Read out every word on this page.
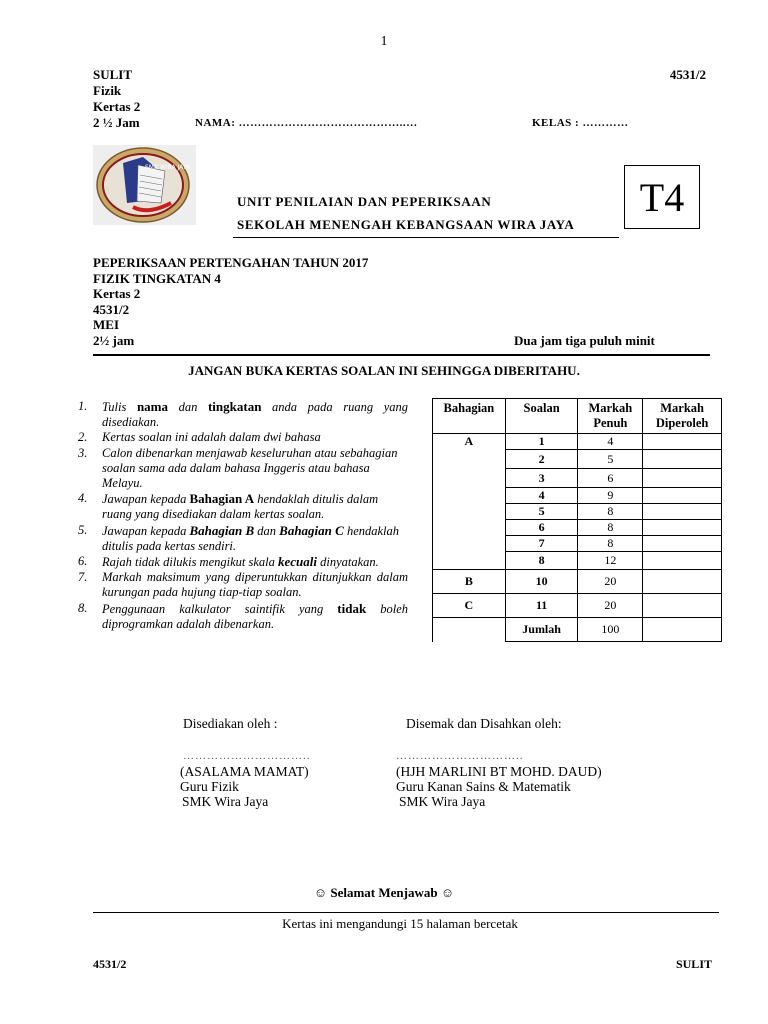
1
SULIT
Fizik
Kertas 2
2 ½ Jam
4531/2
NAMA: ……………………………………..…	KELAS : …………
SMK WIRA JAYA
UNIT PENILAIAN DAN PEPERIKSAAN
SEKOLAH MENENGAH KEBANGSAAN WIRA JAYA
T4
PEPERIKSAAN PERTENGAHAN TAHUN 2017
FIZIK TINGKATAN 4
Kertas 2
4531/2
MEI
2½ jam	Dua jam tiga puluh minit
JANGAN BUKA KERTAS SOALAN INI SEHINGGA DIBERITAHU.
1.	Tulis nama dan tingkatan anda pada ruang yang disediakan.
2.	Kertas soalan ini adalah dalam dwi bahasa
3.	Calon dibenarkan menjawab keseluruhan atau sebahagian soalan sama ada dalam bahasa Inggeris atau bahasa Melayu.
4.	Jawapan kepada Bahagian A hendaklah ditulis dalam ruang yang disediakan dalam kertas soalan.
5.	Jawapan kepada Bahagian B dan Bahagian C hendaklah ditulis pada kertas sendiri.
6.	Rajah tidak dilukis mengikut skala kecuali dinyatakan.
7.	Markah maksimum yang diperuntukkan ditunjukkan dalam kurungan pada hujung tiap-tiap soalan.
8.	Penggunaan kalkulator saintifik yang tidak boleh diprogramkan adalah dibenarkan.
Bahagian	Soalan	Markah Penuh	Markah Diperoleh
A	1	4	
	2	5	
	3	6	
	4	9	
	5	8	
	6	8	
	7	8	
	8	12	
B	10	20	
C	11	20	
	Jumlah	100	
Disediakan oleh :	Disemak dan Disahkan oleh:
…………………………..
(ASALAMA MAMAT)
Guru Fizik
SMK Wira Jaya
…………………………..
(HJH MARLINI BT MOHD. DAUD)
Guru Kanan Sains & Matematik
SMK Wira Jaya
☺ Selamat Menjawab ☺
Kertas ini mengandungi 15 halaman bercetak
4531/2	SULIT
